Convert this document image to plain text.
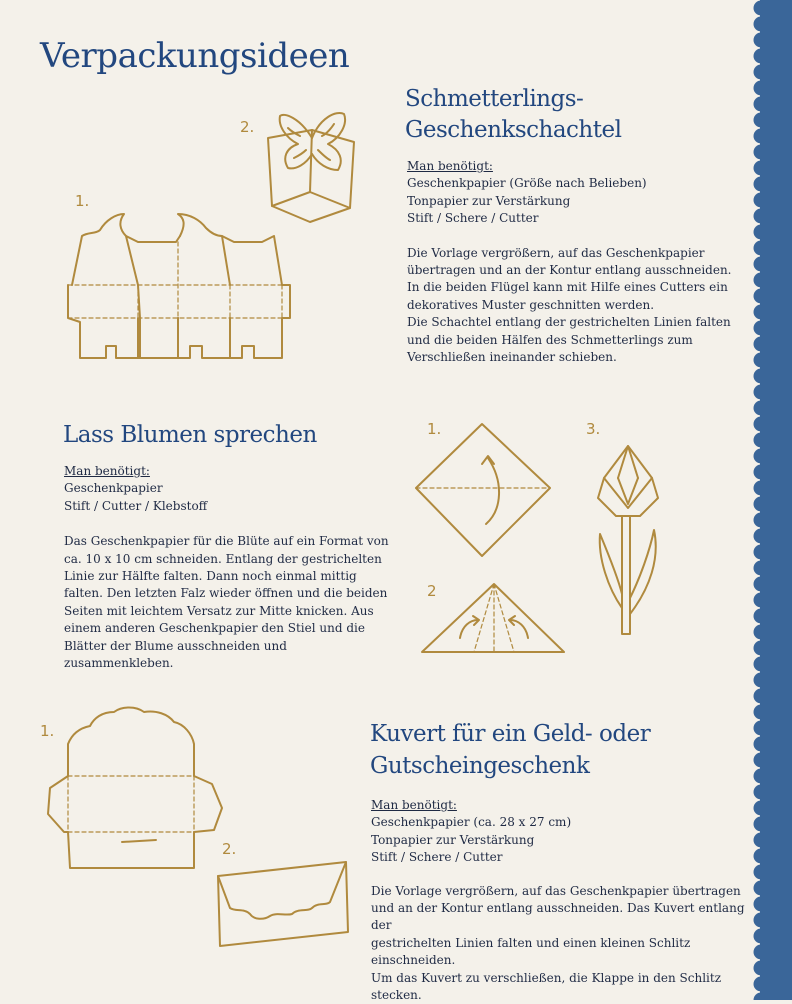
Verpackungsideen
Schmetterlings-
Geschenkschachtel

Man benötigt:

Geschenkpapier (Größe nach Belieben)

Tonpapier zur Verstärkung

Stift / Schere / Cutter

Die Vorlage vergrößern, auf das Geschenkpapier

übertragen und an der Kontur entlang ausschneiden.

In die beiden Flügel kann mit Hilfe eines Cutters ein

dekoratives Muster geschnitten werden.

Die Schachtel entlang der gestrichelten Linien falten

und die beiden Hälfen des Schmetterlings zum

Verschließen ineinander schieben.

1.
2.
Lass Blumen sprechen

Man benötigt:

Geschenkpapier

Stift / Cutter / Klebstoff

Das Geschenkpapier für die Blüte auf ein Format von

ca. 10 x 10 cm schneiden. Entlang der gestrichelten

Linie zur Hälfte falten. Dann noch einmal mittig

falten. Den letzten Falz wieder öffnen und die beiden

Seiten mit leichtem Versatz zur Mitte knicken. Aus

einem anderen Geschenkpapier den Stiel und die

Blätter der Blume ausschneiden und zusammenkleben.

1.
2
3.
Kuvert für ein Geld- oder
Gutscheingeschenk

Man benötigt:

Geschenkpapier (ca. 28 x 27 cm)

Tonpapier zur Verstärkung

Stift / Schere / Cutter

Die Vorlage vergrößern, auf das Geschenkpapier übertragen

und an der Kontur entlang ausschneiden. Das Kuvert entlang der

gestrichelten Linien falten und einen kleinen Schlitz einschneiden.

Um das Kuvert zu verschließen, die Klappe in den Schlitz stecken.

1.
2.
